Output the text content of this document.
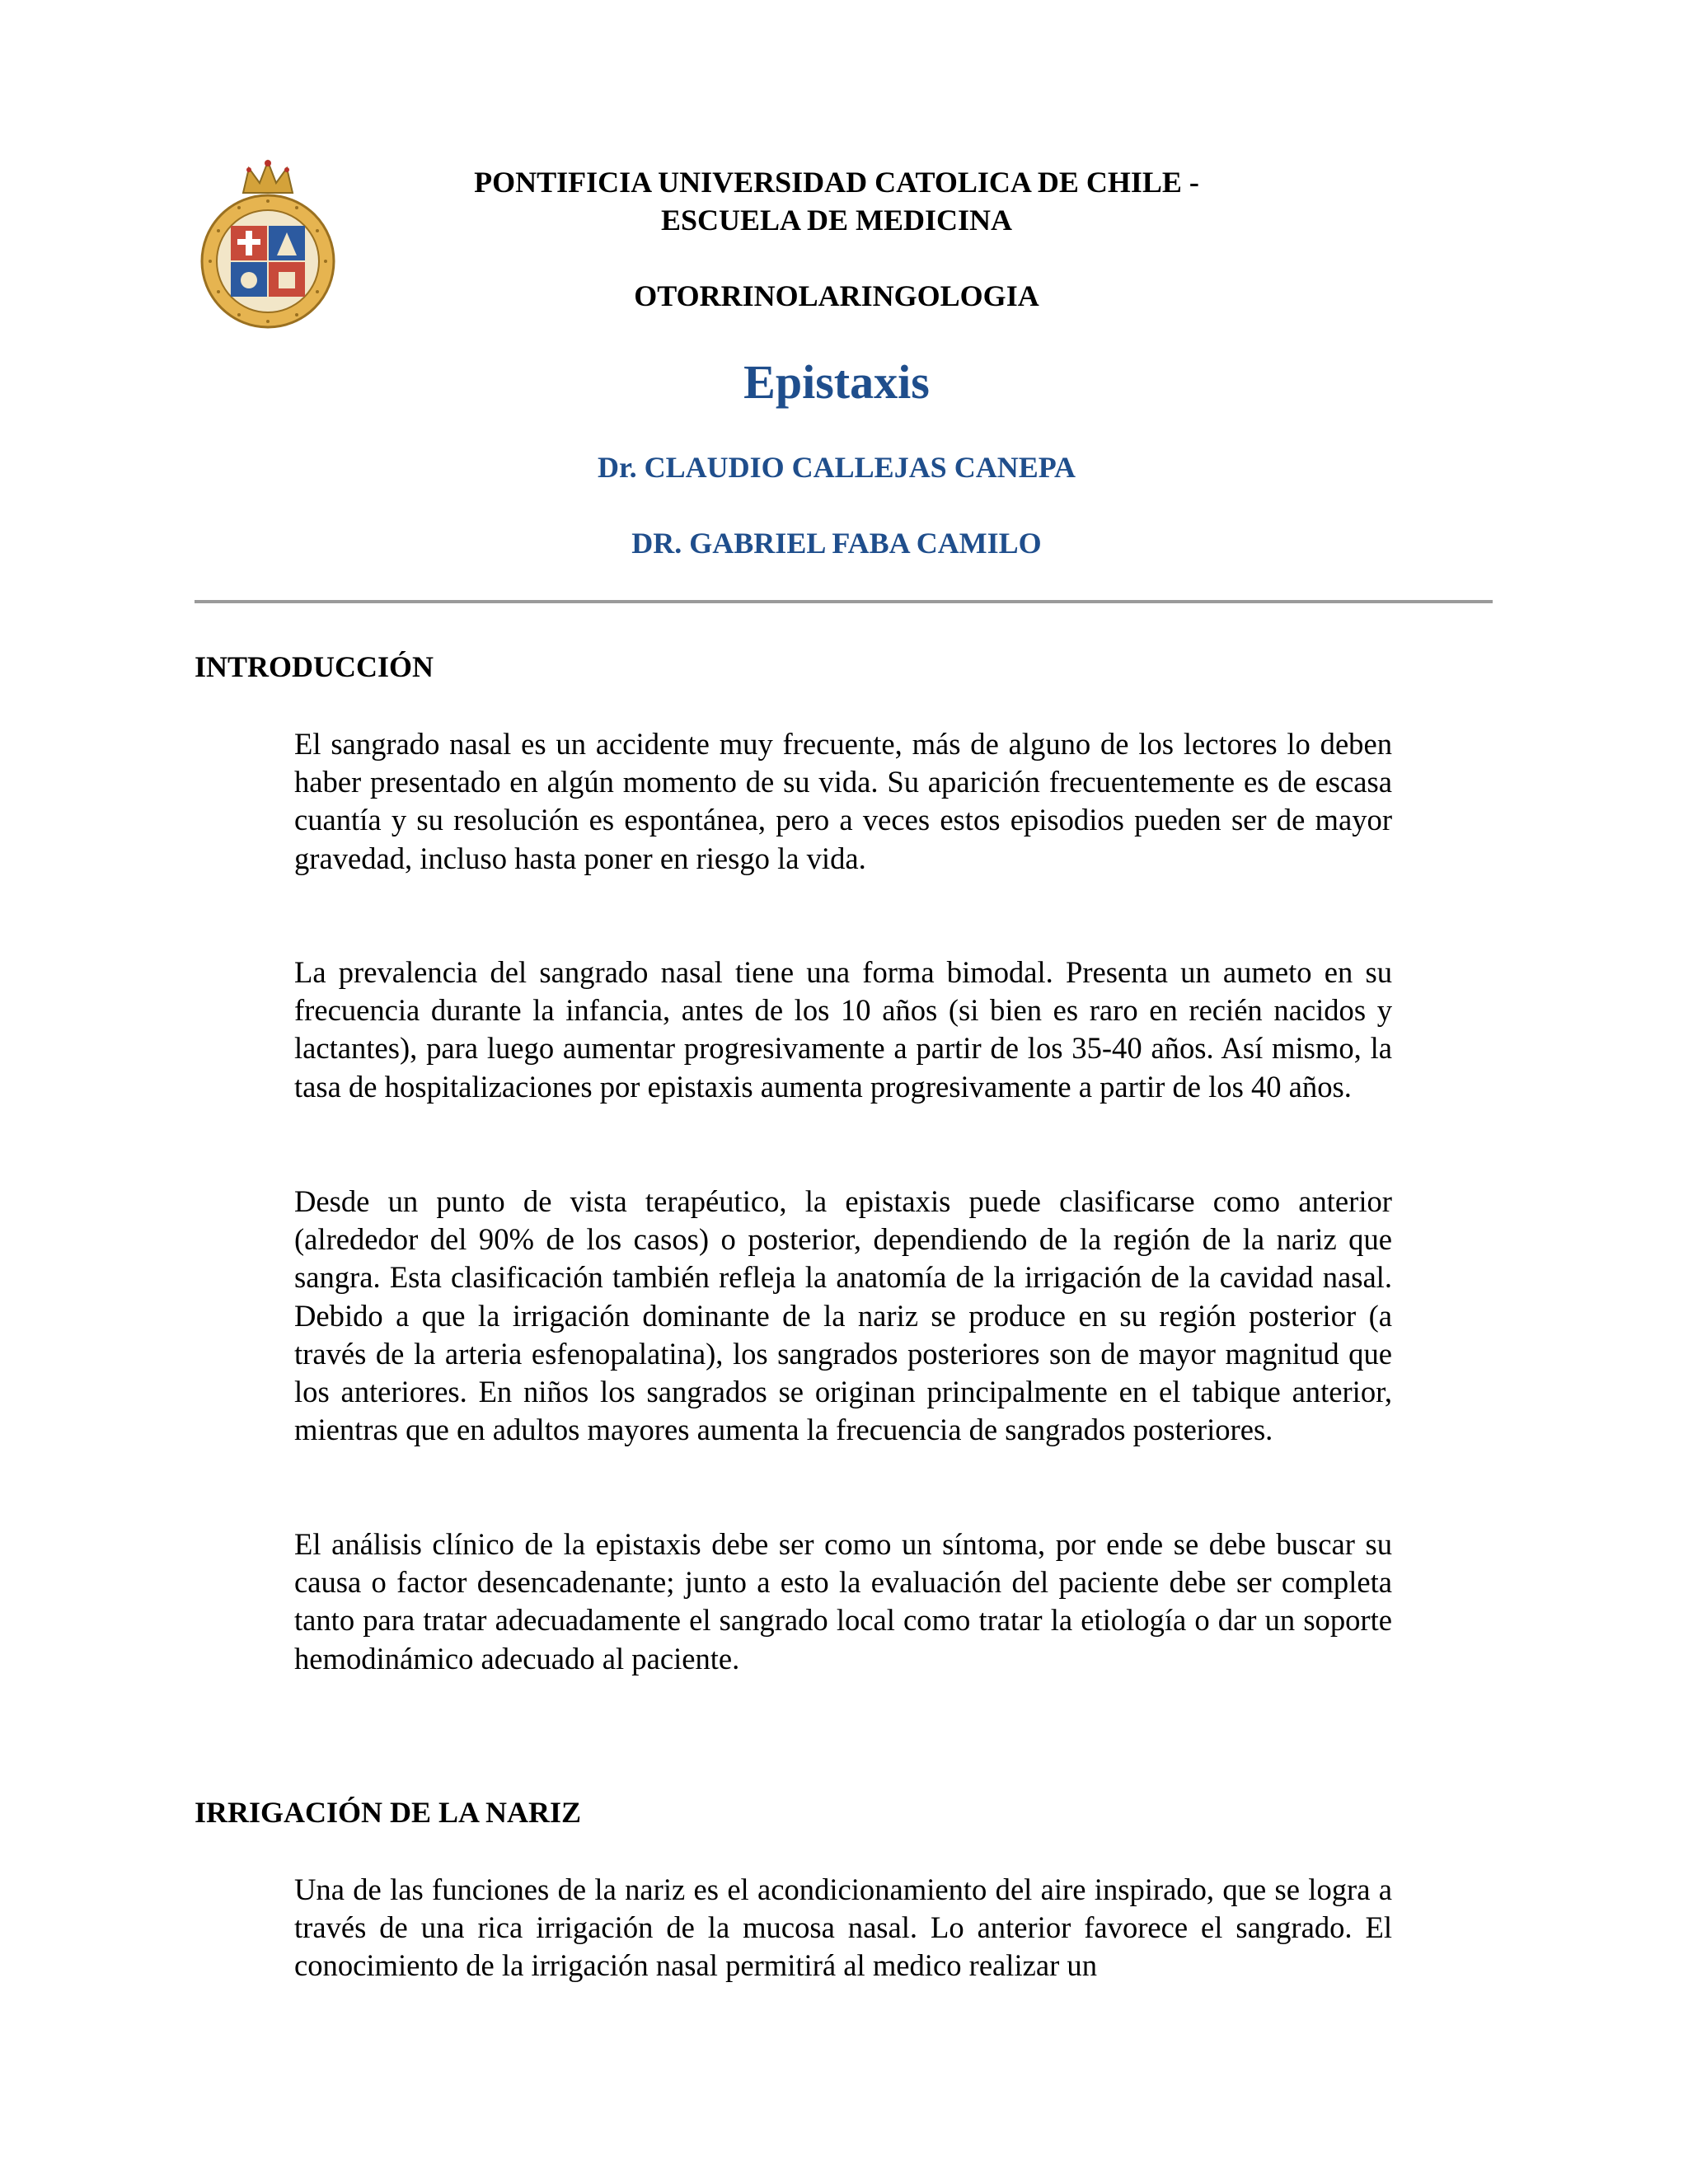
PONTIFICIA UNIVERSIDAD CATOLICA DE CHILE -
ESCUELA DE MEDICINA
OTORRINOLARINGOLOGIA
Epistaxis
Dr. CLAUDIO CALLEJAS CANEPA
DR. GABRIEL FABA CAMILO
INTRODUCCIÓN

El sangrado nasal es un accidente muy frecuente, más de alguno de los lectores lo deben haber presentado en algún momento de su vida. Su aparición frecuentemente es de escasa cuantía y su resolución es espontánea, pero a veces estos episodios pueden ser de mayor gravedad, incluso hasta poner en riesgo la vida.

La prevalencia del sangrado nasal tiene una forma bimodal. Presenta un aumeto en su frecuencia durante la infancia, antes de los 10 años (si bien es raro en recién nacidos y lactantes), para luego aumentar progresivamente a partir de los 35-40 años. Así mismo, la tasa de hospitalizaciones por epistaxis aumenta progresivamente a partir de los 40 años.

Desde un punto de vista terapéutico, la epistaxis puede clasificarse como anterior (alrededor del 90% de los casos) o posterior, dependiendo de la región de la nariz que sangra. Esta clasificación también refleja la anatomía de la irrigación de la cavidad nasal. Debido a que la irrigación dominante de la nariz se produce en su región posterior (a través de la arteria esfenopalatina), los sangrados posteriores son de mayor magnitud que los anteriores. En niños los sangrados se originan principalmente en el tabique anterior, mientras que en adultos mayores aumenta la frecuencia de sangrados posteriores.

El análisis clínico de la epistaxis debe ser como un síntoma, por ende se debe buscar su causa o factor desencadenante; junto a esto la evaluación del paciente debe ser completa tanto para tratar adecuadamente el sangrado local como tratar la etiología o dar un soporte hemodinámico adecuado al paciente.

IRRIGACIÓN DE LA NARIZ

Una de las funciones de la nariz es el acondicionamiento del aire inspirado, que se logra a través de una rica irrigación de la mucosa nasal. Lo anterior favorece el sangrado. El conocimiento de la irrigación nasal permitirá al medico realizar un
